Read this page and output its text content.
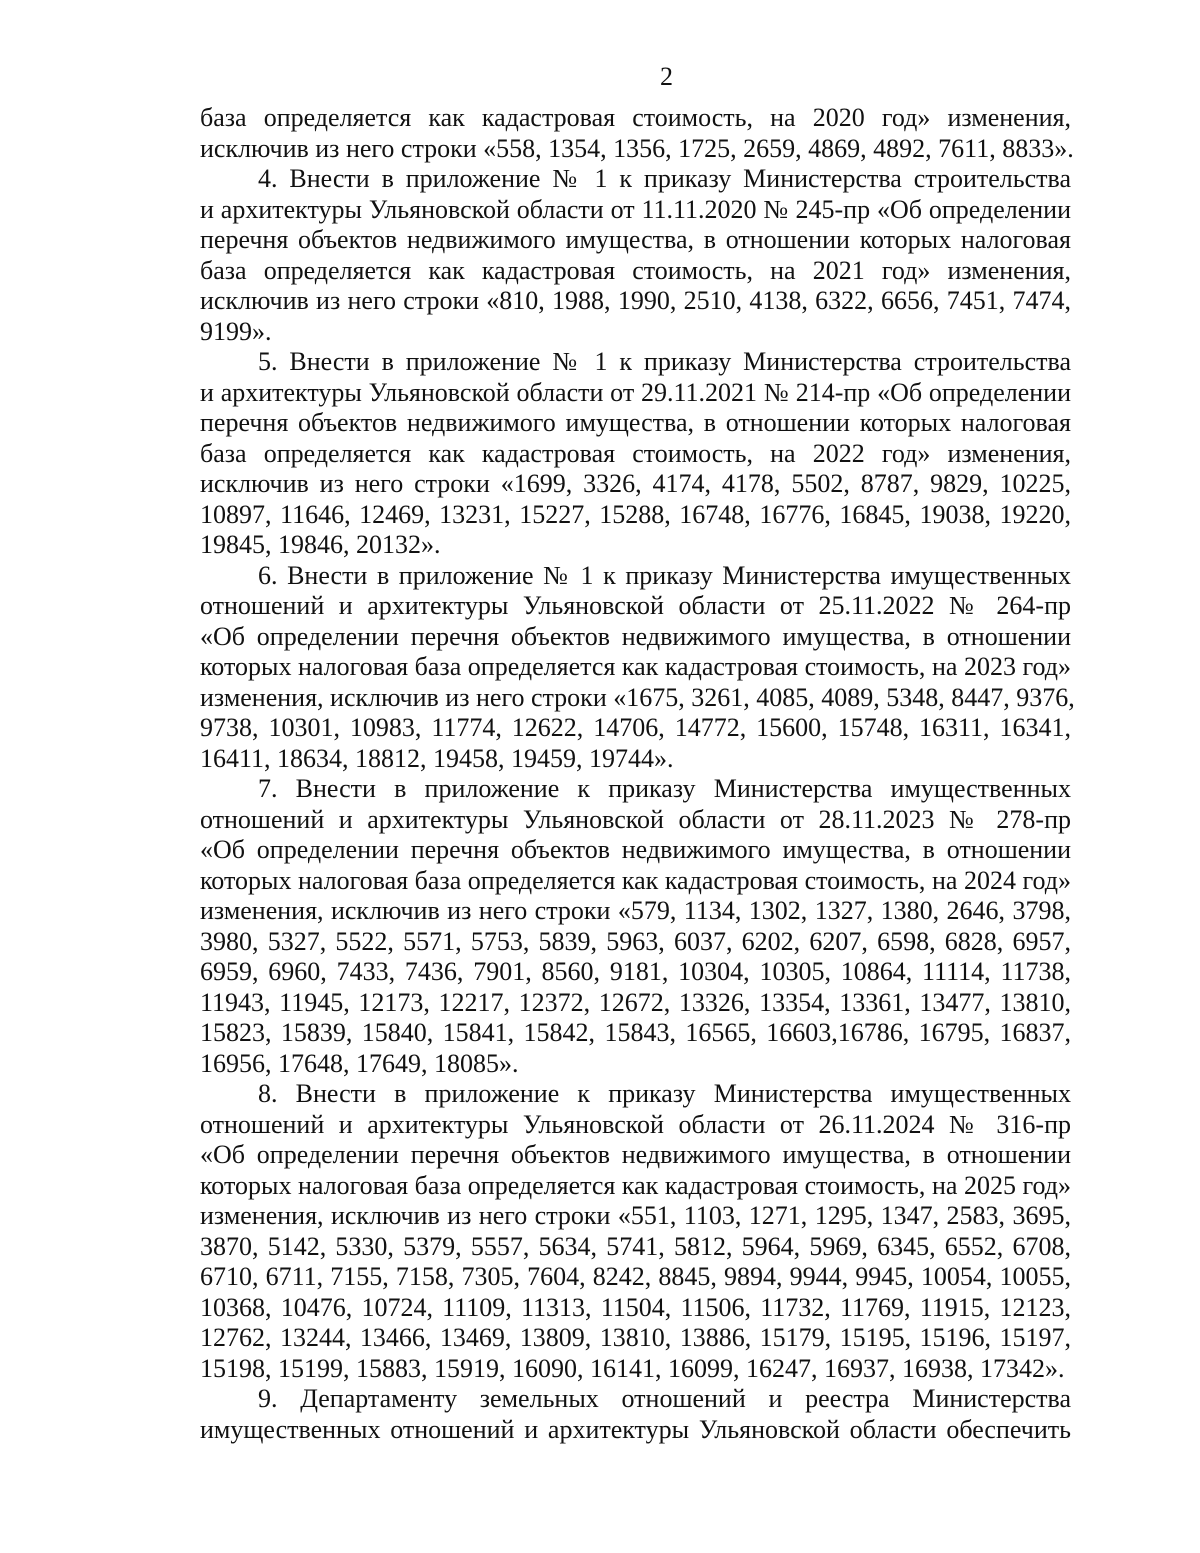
2
база определяется как кадастровая стоимость, на 2020 год» изменения,
исключив из него строки «558, 1354, 1356, 1725, 2659, 4869, 4892, 7611, 8833».
4. Внести в приложение № 1 к приказу Министерства строительства
и архитектуры Ульяновской области от 11.11.2020 № 245-пр «Об определении
перечня объектов недвижимого имущества, в отношении которых налоговая
база определяется как кадастровая стоимость, на 2021 год» изменения,
исключив из него строки «810, 1988, 1990, 2510, 4138, 6322, 6656, 7451, 7474,
9199».
5. Внести в приложение № 1 к приказу Министерства строительства
и архитектуры Ульяновской области от 29.11.2021 № 214-пр «Об определении
перечня объектов недвижимого имущества, в отношении которых налоговая
база определяется как кадастровая стоимость, на 2022 год» изменения,
исключив из него строки «1699, 3326, 4174, 4178, 5502, 8787, 9829, 10225,
10897, 11646, 12469, 13231, 15227, 15288, 16748, 16776, 16845, 19038, 19220,
19845, 19846, 20132».
6. Внести в приложение № 1 к приказу Министерства имущественных
отношений и архитектуры Ульяновской области от 25.11.2022 № 264-пр
«Об определении перечня объектов недвижимого имущества, в отношении
которых налоговая база определяется как кадастровая стоимость, на 2023 год»
изменения, исключив из него строки «1675, 3261, 4085, 4089, 5348, 8447, 9376,
9738, 10301, 10983, 11774, 12622, 14706, 14772, 15600, 15748, 16311, 16341,
16411, 18634, 18812, 19458, 19459, 19744».
7. Внести в приложение к приказу Министерства имущественных
отношений и архитектуры Ульяновской области от 28.11.2023 № 278-пр
«Об определении перечня объектов недвижимого имущества, в отношении
которых налоговая база определяется как кадастровая стоимость, на 2024 год»
изменения, исключив из него строки «579, 1134, 1302, 1327, 1380, 2646, 3798,
3980, 5327, 5522, 5571, 5753, 5839, 5963, 6037, 6202, 6207, 6598, 6828, 6957,
6959, 6960, 7433, 7436, 7901, 8560, 9181, 10304, 10305, 10864, 11114, 11738,
11943, 11945, 12173, 12217, 12372, 12672, 13326, 13354, 13361, 13477, 13810,
15823, 15839, 15840, 15841, 15842, 15843, 16565, 16603,16786, 16795, 16837,
16956, 17648, 17649, 18085».
8. Внести в приложение к приказу Министерства имущественных
отношений и архитектуры Ульяновской области от 26.11.2024 № 316-пр
«Об определении перечня объектов недвижимого имущества, в отношении
которых налоговая база определяется как кадастровая стоимость, на 2025 год»
изменения, исключив из него строки «551, 1103, 1271, 1295, 1347, 2583, 3695,
3870, 5142, 5330, 5379, 5557, 5634, 5741, 5812, 5964, 5969, 6345, 6552, 6708,
6710, 6711, 7155, 7158, 7305, 7604, 8242, 8845, 9894, 9944, 9945, 10054, 10055,
10368, 10476, 10724, 11109, 11313, 11504, 11506, 11732, 11769, 11915, 12123,
12762, 13244, 13466, 13469, 13809, 13810, 13886, 15179, 15195, 15196, 15197,
15198, 15199, 15883, 15919, 16090, 16141, 16099, 16247, 16937, 16938, 17342».
9. Департаменту земельных отношений и реестра Министерства
имущественных отношений и архитектуры Ульяновской области обеспечить
